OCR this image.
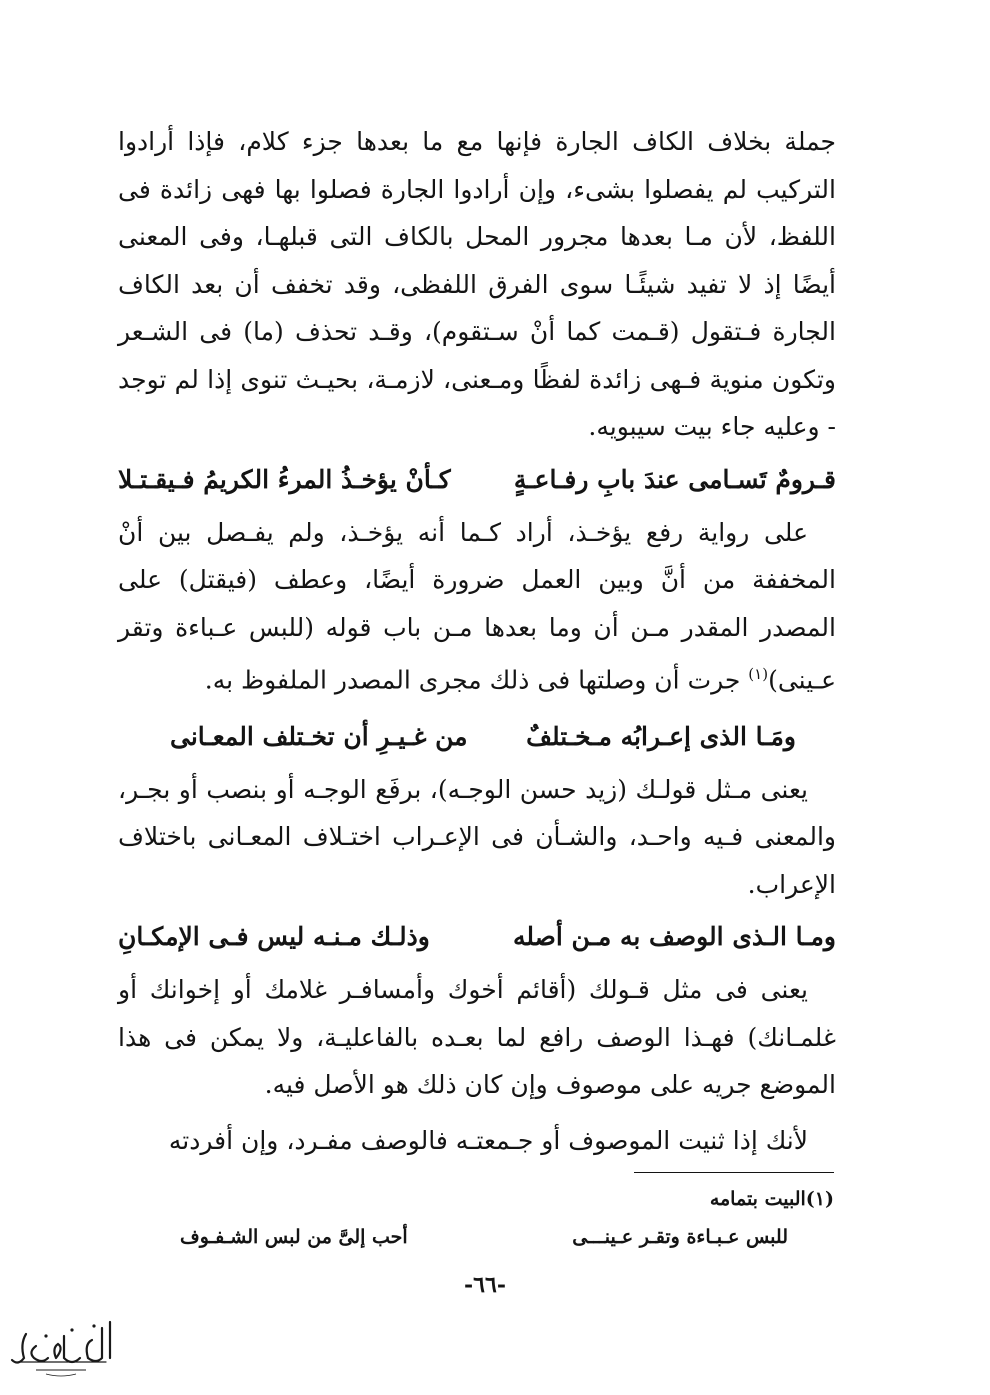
جملة بخلاف الكاف الجارة فإنها مع ما بعدها جزء كلام، فإذا أرادوا التركيب لم يفصلوا بشىء، وإن أرادوا الجارة فصلوا بها فهى زائدة فى اللفظ، لأن مـا بعدها مجرور المحل بالكاف التى قبلهـا، وفى المعنى أيضًا إذ لا تفيد شيئًـا سوى الفرق اللفظى، وقد تخفف أن بعد الكاف الجارة فـتقول (قـمت كما أنْ سـتقوم)، وقـد تحذف (ما) فى الشـعر وتكون منوية فـهى زائدة لفظًا ومـعنى، لازمـة، بحيـث تنوى إذا لم توجد - وعليه جاء بيت سيبويه.

قـرومٌ تَسـامى عندَ بابِ رفـاعـةٍ
كـأنْ يؤخـذُ المرءُ الكريمُ فـيقـتـلا

على رواية رفع يؤخـذ، أراد كـما أنه يؤخـذ، ولم يفـصل بين أنْ المخففة من أنَّ وبين العمل ضرورة أيضًا، وعطف (فيقتل) على المصدر المقدر مـن أن وما بعدها مـن باب قوله (للبس عـباءة وتقر عـينى)$^{(١)}$ جرت أن وصلتها فى ذلك مجرى المصدر الملفوظ به.

ومَـا الذى إعـرابُه مـخـتلفٌ
من غـيـرِ أن تخـتلف المعـانى

يعنى مـثل قولـك (زيد حسن الوجـه)، برفَع الوجـه أو بنصب أو بجـر، والمعنى فـيه واحـد، والشـأن فى الإعـراب اختـلاف المعـانى باختلاف الإعراب.

ومـا الـذى الوصف به مـن أصله
وذلـك مـنـه ليس فـى الإمكـانِ

يعنى فى مثل قـولك (أقائم أخوك وأمسافـر غلامك أو إخوانك أو غلمـانك) فهـذا الوصف رافع لما بعـده بالفاعليـة، ولا يمكن فى هذا الموضع جريه على موصوف وإن كان ذلك هو الأصل فيه.

لأنك إذا ثنيت الموصوف أو جـمعتـه فالوصف مفـرد، وإن أفردته

(١)البيت بتمامه
للبس عـبـاءة وتقـر عـينـــى
أحب إلىَّ من لبس الشـفـوف
-٦٦-
